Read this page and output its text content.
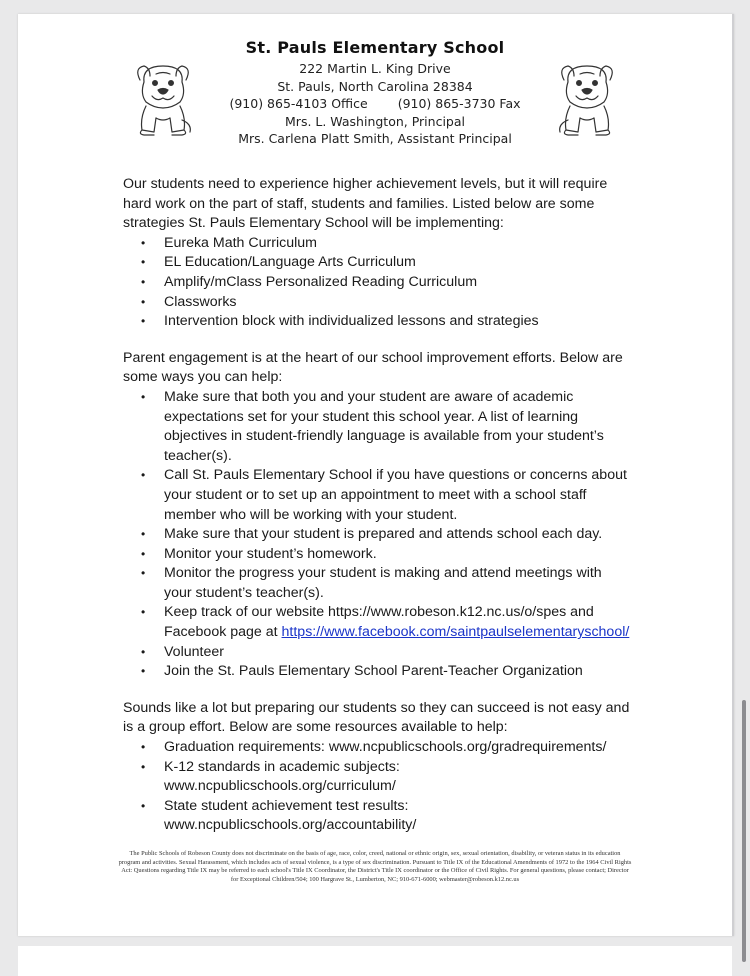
St. Pauls Elementary School

222 Martin L. King Drive

St. Pauls, North Carolina 28384

(910) 865-4103 Office (910) 865-3730 Fax

Mrs. L. Washington, Principal

Mrs. Carlena Platt Smith, Assistant Principal

Our students need to experience higher achievement levels, but it will require hard work on the part of staff, students and families. Listed below are some strategies St. Pauls Elementary School will be implementing:

• Eureka Math Curriculum
• EL Education/Language Arts Curriculum
• Amplify/mClass Personalized Reading Curriculum
• Classworks
• Intervention block with individualized lessons and strategies

Parent engagement is at the heart of our school improvement efforts. Below are some ways you can help:

• Make sure that both you and your student are aware of academic expectations set for your student this school year. A list of learning objectives in student-friendly language is available from your student’s teacher(s).
• Call St. Pauls Elementary School if you have questions or concerns about your student or to set up an appointment to meet with a school staff member who will be working with your student.
• Make sure that your student is prepared and attends school each day.
• Monitor your student’s homework.
• Monitor the progress your student is making and attend meetings with your student’s teacher(s).
• Keep track of our website https://www.robeson.k12.nc.us/o/spes and Facebook page at https://www.facebook.com/saintpaulselementaryschool/
• Volunteer
• Join the St. Pauls Elementary School Parent-Teacher Organization

Sounds like a lot but preparing our students so they can succeed is not easy and is a group effort. Below are some resources available to help:

• Graduation requirements: www.ncpublicschools.org/gradrequirements/
• K-12 standards in academic subjects: www.ncpublicschools.org/curriculum/
• State student achievement test results: www.ncpublicschools.org/accountability/
The Public Schools of Robeson County does not discriminate on the basis of age, race, color, creed, national or ethnic origin, sex, sexual orientation, disability, or veteran status in its education program and activities. Sexual Harassment, which includes acts of sexual violence, is a type of sex discrimination. Pursuant to Title IX of the Educational Amendments of 1972 to the 1964 Civil Rights Act: Questions regarding Title IX may be referred to each school's Title IX Coordinator, the District's Title IX coordinator or the Office of Civil Rights. For general questions, please contact; Director for Exceptional Children/504; 100 Hargrave St., Lumberton, NC; 910-671-6000; webmaster@robeson.k12.nc.us
